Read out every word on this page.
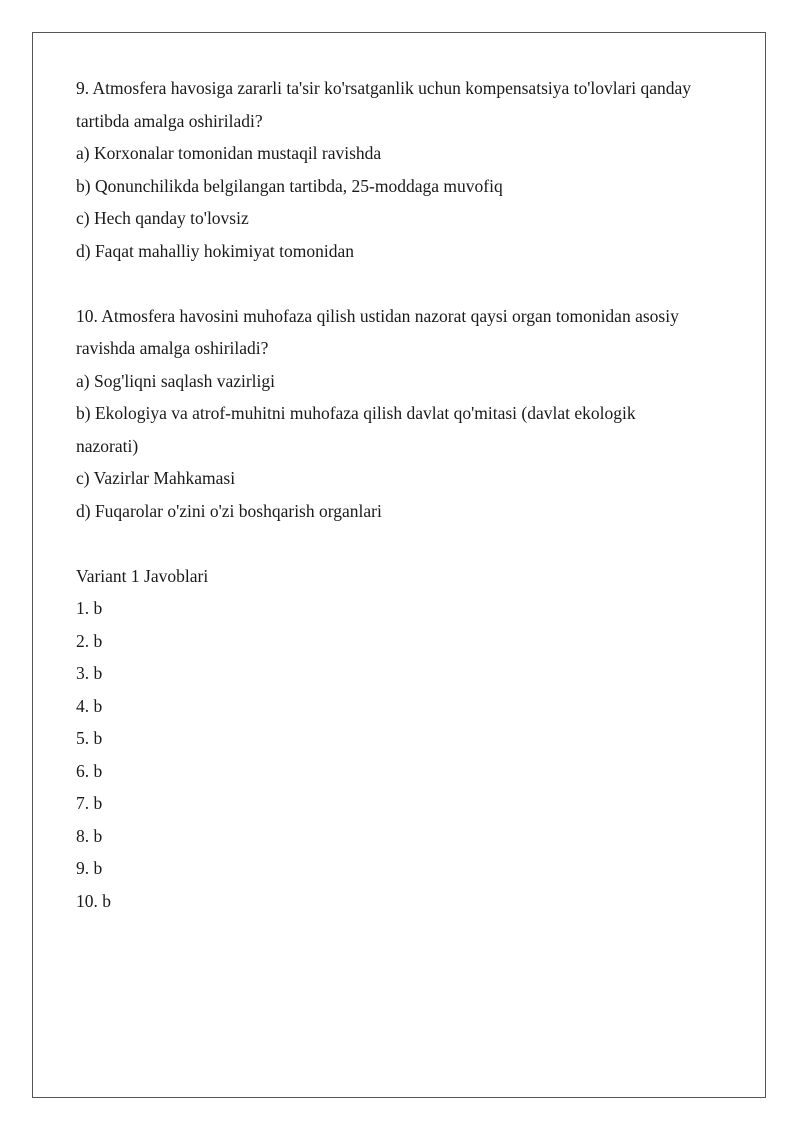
9. Atmosfera havosiga zararli ta'sir ko'rsatganlik uchun kompensatsiya to'lovlari qanday

tartibda amalga oshiriladi?

a) Korxonalar tomonidan mustaqil ravishda

b) Qonunchilikda belgilangan tartibda, 25-moddaga muvofiq

c) Hech qanday to'lovsiz

d) Faqat mahalliy hokimiyat tomonidan

10. Atmosfera havosini muhofaza qilish ustidan nazorat qaysi organ tomonidan asosiy

ravishda amalga oshiriladi?

a) Sog'liqni saqlash vazirligi

b) Ekologiya va atrof-muhitni muhofaza qilish davlat qo'mitasi (davlat ekologik

nazorati)

c) Vazirlar Mahkamasi

d) Fuqarolar o'zini o'zi boshqarish organlari

Variant 1 Javoblari

1. b

2. b

3. b

4. b

5. b

6. b

7. b

8. b

9. b

10. b
